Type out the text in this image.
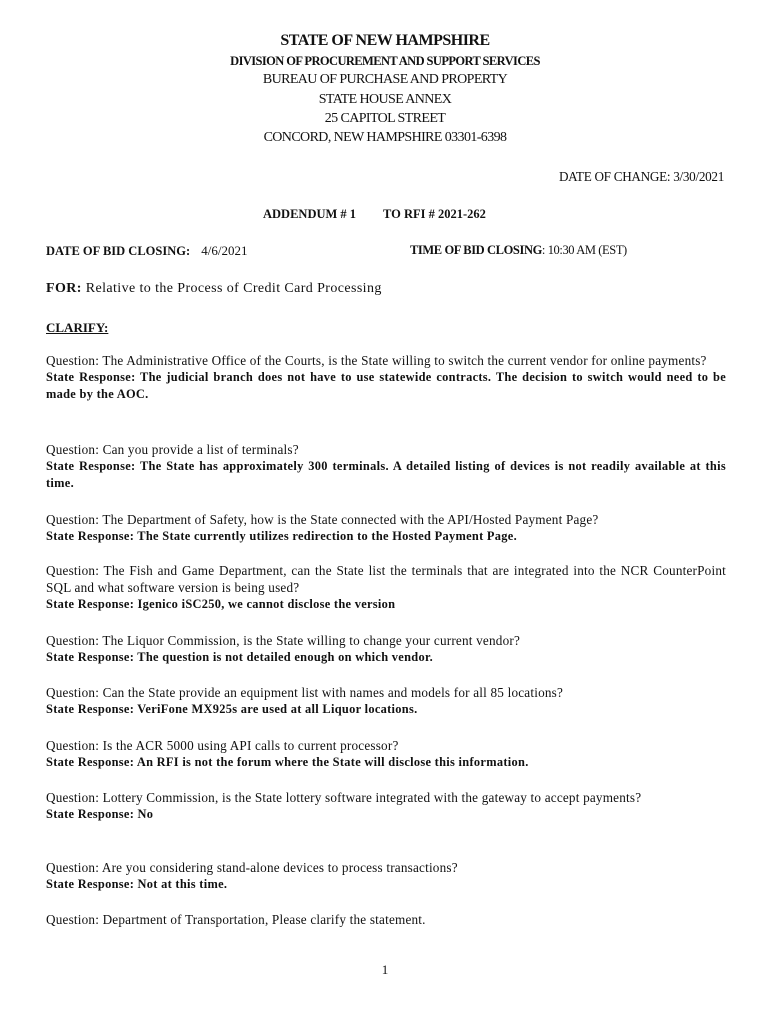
STATE OF NEW HAMPSHIRE
DIVISION OF PROCUREMENT AND SUPPORT SERVICES
BUREAU OF PURCHASE AND PROPERTY
STATE HOUSE ANNEX
25 CAPITOL STREET
CONCORD, NEW HAMPSHIRE 03301-6398
DATE OF CHANGE: 3/30/2021
ADDENDUM # 1 TO RFI # 2021-262
DATE OF BID CLOSING: 4/6/2021	TIME OF BID CLOSING: 10:30 AM (EST)
FOR: Relative to the Process of Credit Card Processing
CLARIFY:
Question: The Administrative Office of the Courts, is the State willing to switch the current vendor for online payments?
State Response: The judicial branch does not have to use statewide contracts. The decision to switch would need to be made by the AOC.
Question: Can you provide a list of terminals?
State Response: The State has approximately 300 terminals. A detailed listing of devices is not readily available at this time.
Question: The Department of Safety, how is the State connected with the API/Hosted Payment Page?
State Response: The State currently utilizes redirection to the Hosted Payment Page.
Question: The Fish and Game Department, can the State list the terminals that are integrated into the NCR CounterPoint SQL and what software version is being used?
State Response: Igenico iSC250, we cannot disclose the version
Question: The Liquor Commission, is the State willing to change your current vendor?
State Response: The question is not detailed enough on which vendor.
Question: Can the State provide an equipment list with names and models for all 85 locations?
State Response: VeriFone MX925s are used at all Liquor locations.
Question: Is the ACR 5000 using API calls to current processor?
State Response: An RFI is not the forum where the State will disclose this information.
Question: Lottery Commission, is the State lottery software integrated with the gateway to accept payments?
State Response: No
Question: Are you considering stand-alone devices to process transactions?
State Response: Not at this time.
Question: Department of Transportation, Please clarify the statement.
1
